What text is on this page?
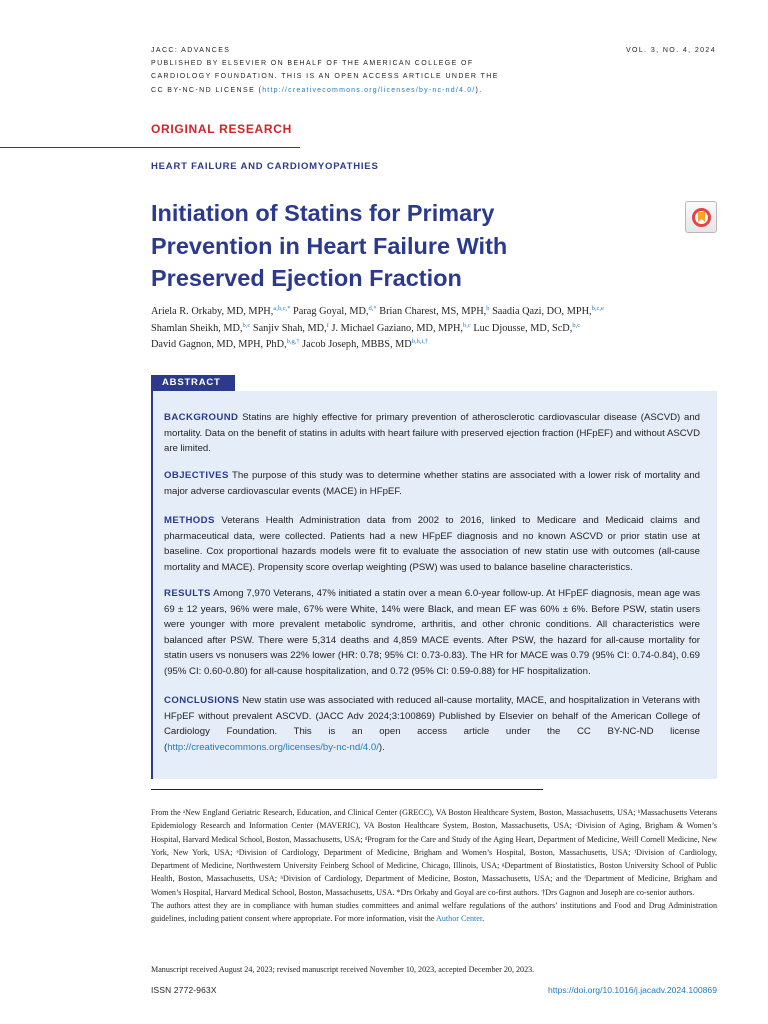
JACC: ADVANCES
PUBLISHED BY ELSEVIER ON BEHALF OF THE AMERICAN COLLEGE OF
CARDIOLOGY FOUNDATION. THIS IS AN OPEN ACCESS ARTICLE UNDER THE
CC BY-NC-ND LICENSE (http://creativecommons.org/licenses/by-nc-nd/4.0/).
VOL. 3, NO. 4, 2024
ORIGINAL RESEARCH
HEART FAILURE AND CARDIOMYOPATHIES
Initiation of Statins for Primary Prevention in Heart Failure With Preserved Ejection Fraction
Ariela R. Orkaby, MD, MPH,$^{a,b,c,*}$ Parag Goyal, MD,$^{d,*}$ Brian Charest, MS, MPH,$^b$ Saadia Qazi, DO, MPH,$^{b,c,e}$
Shamlan Sheikh, MD,$^{b,c}$ Sanjiv Shah, MD,$^f$ J. Michael Gaziano, MD, MPH,$^{b,c}$ Luc Djousse, MD, ScD,$^{b,c}$
David Gagnon, MD, MPH, PhD,$^{b,g,\dagger}$ Jacob Joseph, MBBS, $MD^{b,h,i,\dagger}$
ABSTRACT

BACKGROUND Statins are highly effective for primary prevention of atherosclerotic cardiovascular disease (ASCVD) and mortality. Data on the benefit of statins in adults with heart failure with preserved ejection fraction (HFpEF) and without ASCVD are limited.

OBJECTIVES The purpose of this study was to determine whether statins are associated with a lower risk of mortality and major adverse cardiovascular events (MACE) in HFpEF.

METHODS Veterans Health Administration data from 2002 to 2016, linked to Medicare and Medicaid claims and pharmaceutical data, were collected. Patients had a new HFpEF diagnosis and no known ASCVD or prior statin use at baseline. Cox proportional hazards models were fit to evaluate the association of new statin use with outcomes (all-cause mortality and MACE). Propensity score overlap weighting (PSW) was used to balance baseline characteristics.

RESULTS Among 7,970 Veterans, 47% initiated a statin over a mean 6.0-year follow-up. At HFpEF diagnosis, mean age was 69 ± 12 years, 96% were male, 67% were White, 14% were Black, and mean EF was 60% ± 6%. Before PSW, statin users were younger with more prevalent metabolic syndrome, arthritis, and other chronic conditions. All characteristics were balanced after PSW. There were 5,314 deaths and 4,859 MACE events. After PSW, the hazard for all-cause mortality for statin users vs nonusers was 22% lower (HR: 0.78; 95% CI: 0.73-0.83). The HR for MACE was 0.79 (95% CI: 0.74-0.84), 0.69 (95% CI: 0.60-0.80) for all-cause hospitalization, and 0.72 (95% CI: 0.59-0.88) for HF hospitalization.

CONCLUSIONS New statin use was associated with reduced all-cause mortality, MACE, and hospitalization in Veterans with HFpEF without prevalent ASCVD. (JACC Adv 2024;3:100869) Published by Elsevier on behalf of the American College of Cardiology Foundation. This is an open access article under the CC BY-NC-ND license (http://creativecommons.org/licenses/by-nc-nd/4.0/).

From the ᵃNew England Geriatric Research, Education, and Clinical Center (GRECC), VA Boston Healthcare System, Boston, Massachusetts, USA; ᵇMassachusetts Veterans Epidemiology Research and Information Center (MAVERIC), VA Boston Healthcare System, Boston, Massachusetts, USA; ᶜDivision of Aging, Brigham & Women’s Hospital, Harvard Medical School, Boston, Massachusetts, USA; ᵈProgram for the Care and Study of the Aging Heart, Department of Medicine, Weill Cornell Medicine, New York, New York, USA; ᵉDivision of Cardiology, Department of Medicine, Brigham and Women’s Hospital, Boston, Massachusetts, USA; ᶠDivision of Cardiology, Department of Medicine, Northwestern University Feinberg School of Medicine, Chicago, Illinois, USA; ᵍDepartment of Biostatistics, Boston University School of Public Health, Boston, Massachusetts, USA; ʰDivision of Cardiology, Department of Medicine, Boston, Massachusetts, USA; and the ⁱDepartment of Medicine, Brigham and Women’s Hospital, Harvard Medical School, Boston, Massachusetts, USA. *Drs Orkaby and Goyal are co-first authors. †Drs Gagnon and Joseph are co-senior authors.
The authors attest they are in compliance with human studies committees and animal welfare regulations of the authors’ institutions and Food and Drug Administration guidelines, including patient consent where appropriate. For more information, visit the Author Center.
Manuscript received August 24, 2023; revised manuscript received November 10, 2023, accepted December 20, 2023.
ISSN 2772-963X	https://doi.org/10.1016/j.jacadv.2024.100869
